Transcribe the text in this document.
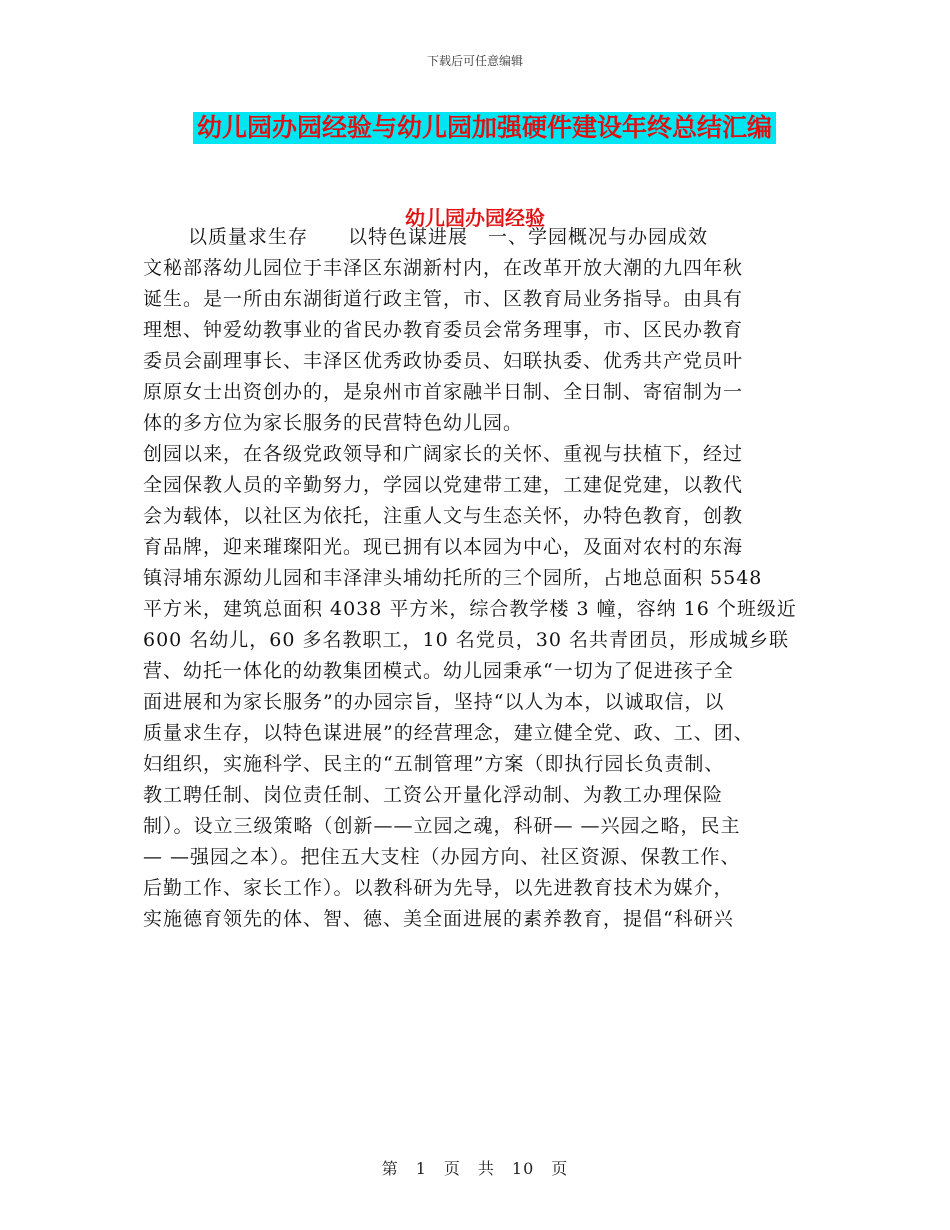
下载后可任意编辑
幼儿园办园经验与幼儿园加强硬件建设年终总结汇编
幼儿园办园经验
以质量求生存　　以特色谋进展　一、学园概况与办园成效
文秘部落幼儿园位于丰泽区东湖新村内，在改革开放大潮的九四年秋
诞生。是一所由东湖街道行政主管，市、区教育局业务指导。由具有
理想、钟爱幼教事业的省民办教育委员会常务理事，市、区民办教育
委员会副理事长、丰泽区优秀政协委员、妇联执委、优秀共产党员叶
原原女士出资创办的，是泉州市首家融半日制、全日制、寄宿制为一
体的多方位为家长服务的民营特色幼儿园。
创园以来，在各级党政领导和广阔家长的关怀、重视与扶植下，经过
全园保教人员的辛勤努力，学园以党建带工建，工建促党建，以教代
会为载体，以社区为依托，注重人文与生态关怀，办特色教育，创教
育品牌，迎来璀璨阳光。现已拥有以本园为中心，及面对农村的东海
镇浔埔东源幼儿园和丰泽津头埔幼托所的三个园所，占地总面积 5548
平方米，建筑总面积 4038 平方米，综合教学楼 3 幢，容纳 16 个班级近
600 名幼儿，60 多名教职工，10 名党员，30 名共青团员，形成城乡联
营、幼托一体化的幼教集团模式。幼儿园秉承“一切为了促进孩子全
面进展和为家长服务”的办园宗旨，坚持“以人为本，以诚取信，以
质量求生存，以特色谋进展”的经营理念，建立健全党、政、工、团、
妇组织，实施科学、民主的“五制管理”方案（即执行园长负责制、
教工聘任制、岗位责任制、工资公开量化浮动制、为教工办理保险
制）。设立三级策略（创新——立园之魂，科研— —兴园之略，民主
— —强园之本）。把住五大支柱（办园方向、社区资源、保教工作、
后勤工作、家长工作）。以教科研为先导，以先进教育技术为媒介，
实施德育领先的体、智、德、美全面进展的素养教育，提倡“科研兴
第　1　页　共　10　页
